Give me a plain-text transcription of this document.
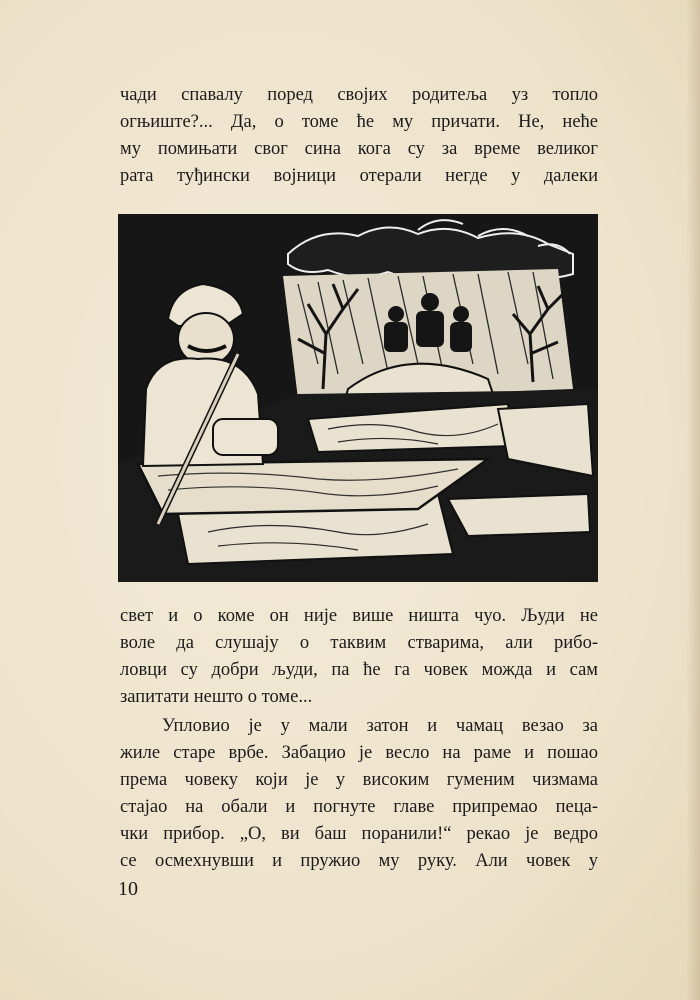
чади спавалу поред својих родитеља уз топло
огњиште?... Да, о томе ће му причати. Не, неће
му помињати свог сина кога су за време великог
рата туђински војници отерали негде у далеки
свет и о коме он није више ништа чуо. Људи не
воле да слушају о таквим стварима, али рибо-
ловци су добри људи, па ће га човек можда и сам
запитати нешто о томе...
Упловио је у мали затон и чамац везао за
жиле старе врбе. Забацио је весло на раме и пошао
према човеку који је у високим гуменим чизмама
стајао на обали и погнуте главе припремао пеца-
чки прибор. „О, ви баш поранили!“ рекао је ведро
се осмехнувши и пружио му руку. Али човек у
10
